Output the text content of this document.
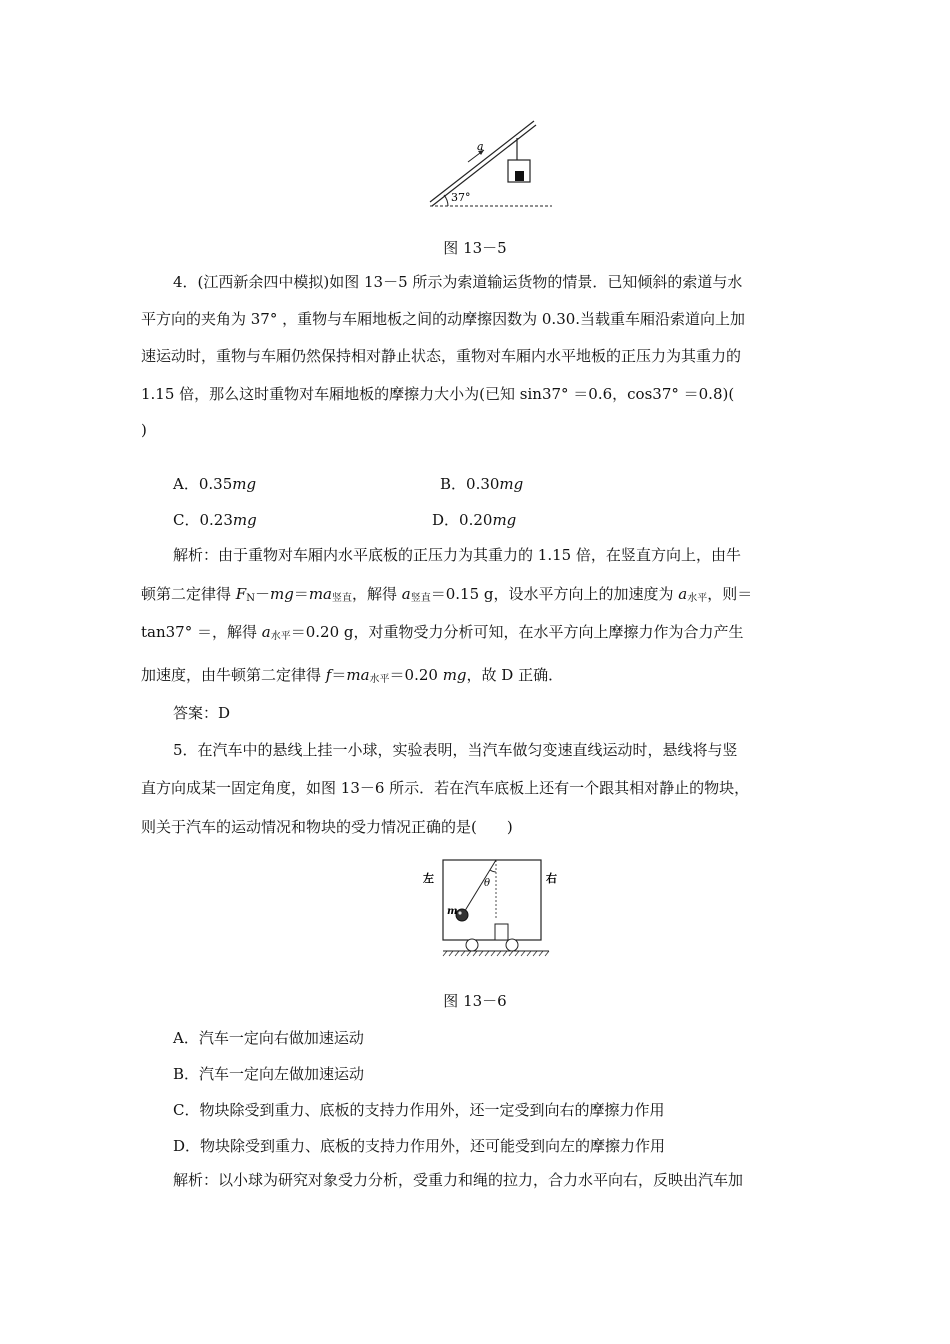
a
37°
图 13－5
4．(江西新余四中模拟)如图 13－5 所示为索道输运货物的情景．已知倾斜的索道与水
平方向的夹角为 37° ，重物与车厢地板之间的动摩擦因数为 0.30.当载重车厢沿索道向上加
速运动时，重物与车厢仍然保持相对静止状态，重物对车厢内水平地板的正压力为其重力的
1.15 倍，那么这时重物对车厢地板的摩擦力大小为(已知 sin37° ＝0.6，cos37° ＝0.8)(
)
A．0.35mg	B．0.30mg
C．0.23mg	D．0.20mg
解析：由于重物对车厢内水平底板的正压力为其重力的 1.15 倍，在竖直方向上，由牛
顿第二定律得 $F_N-mg=ma_{竖直}$，解得 $a_{竖直}=0.15$ g，设水平方向上的加速度为 $a_{水平}$，则＝
tan37° ＝，解得 $a_{水平}=0.20$ g，对重物受力分析可知，在水平方向上摩擦力作为合力产生
加速度，由牛顿第二定律得 $f=ma_{水平}=0.20$ mg，故 D 正确．
答案：D
5．在汽车中的悬线上挂一小球，实验表明，当汽车做匀变速直线运动时，悬线将与竖
直方向成某一固定角度，如图 13－6 所示．若在汽车底板上还有一个跟其相对静止的物块，
则关于汽车的运动情况和物块的受力情况正确的是(　　)
左	右
θ
m
图 13－6
A．汽车一定向右做加速运动
B．汽车一定向左做加速运动
C．物块除受到重力、底板的支持力作用外，还一定受到向右的摩擦力作用
D．物块除受到重力、底板的支持力作用外，还可能受到向左的摩擦力作用
解析：以小球为研究对象受力分析，受重力和绳的拉力，合力水平向右，反映出汽车加
